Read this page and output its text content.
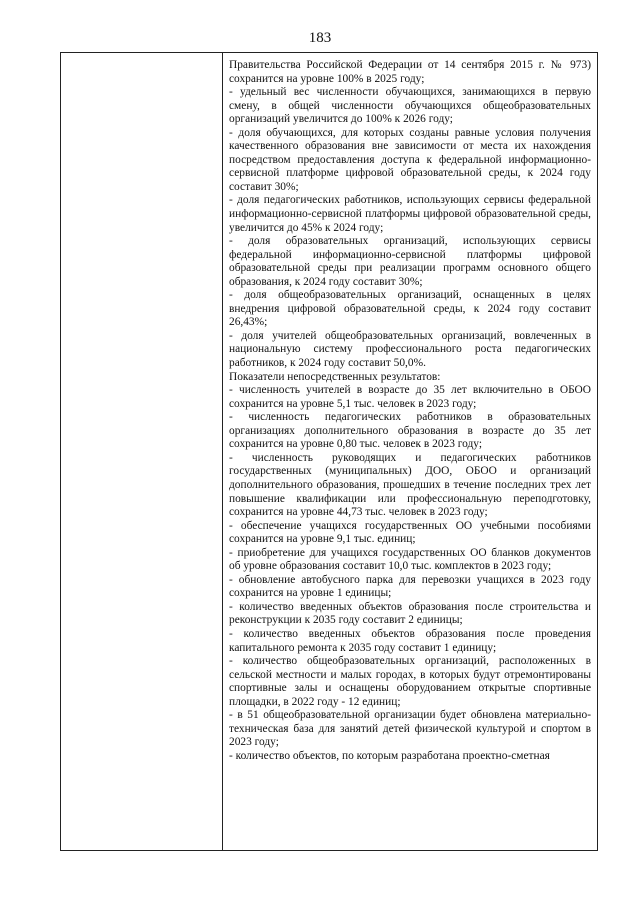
183

Правительства Российской Федерации от 14 сентября 2015 г. № 973) сохранится на уровне 100% в 2025 году;

- удельный вес численности обучающихся, занимающихся в первую смену, в общей численности обучающихся общеобразовательных организаций увеличится до 100% к 2026 году;

- доля обучающихся, для которых созданы равные условия получения качественного образования вне зависимости от места их нахождения посредством предоставления доступа к федеральной информационно-сервисной платформе цифровой образовательной среды, к 2024 году составит 30%;

- доля педагогических работников, использующих сервисы федеральной информационно-сервисной платформы цифровой образовательной среды, увеличится до 45% к 2024 году;

- доля образовательных организаций, использующих сервисы федеральной информационно-сервисной платформы цифровой образовательной среды при реализации программ основного общего образования, к 2024 году составит 30%;

- доля общеобразовательных организаций, оснащенных в целях внедрения цифровой образовательной среды, к 2024 году составит 26,43%;

- доля учителей общеобразовательных организаций, вовлеченных в национальную систему профессионального роста педагогических работников, к 2024 году составит 50,0%.

Показатели непосредственных результатов:

- численность учителей в возрасте до 35 лет включительно в ОБОО сохранится на уровне 5,1 тыс. человек в 2023 году;

- численность педагогических работников в образовательных организациях дополнительного образования в возрасте до 35 лет сохранится на уровне 0,80 тыс. человек в 2023 году;

- численность руководящих и педагогических работников государственных (муниципальных) ДОО, ОБОО и организаций дополнительного образования, прошедших в течение последних трех лет повышение квалификации или профессиональную переподготовку, сохранится на уровне 44,73 тыс. человек в 2023 году;

- обеспечение учащихся государственных ОО учебными пособиями сохранится на уровне 9,1 тыс. единиц;

- приобретение для учащихся государственных ОО бланков документов об уровне образования составит 10,0 тыс. комплектов в 2023 году;

- обновление автобусного парка для перевозки учащихся в 2023 году сохранится на уровне 1 единицы;

- количество введенных объектов образования после строительства и реконструкции к 2035 году составит 2 единицы;

- количество введенных объектов образования после проведения капитального ремонта к 2035 году составит 1 единицу;

- количество общеобразовательных организаций, расположенных в сельской местности и малых городах, в которых будут отремонтированы спортивные залы и оснащены оборудованием открытые спортивные площадки, в 2022 году - 12 единиц;

- в 51 общеобразовательной организации будет обновлена материально-техническая база для занятий детей физической культурой и спортом в 2023 году;

- количество объектов, по которым разработана проектно-сметная
